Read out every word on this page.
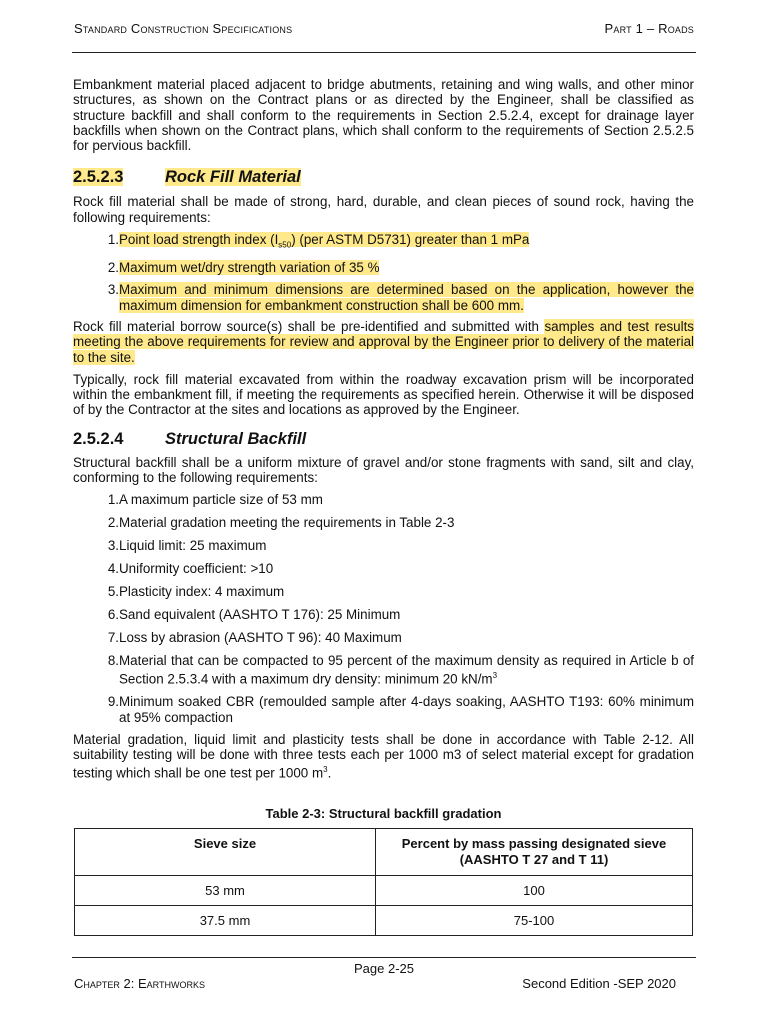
Standard Construction Specifications	Part 1 – Roads

Embankment material placed adjacent to bridge abutments, retaining and wing walls, and other minor structures, as shown on the Contract plans or as directed by the Engineer, shall be classified as structure backfill and shall conform to the requirements in Section 2.5.2.4, except for drainage layer backfills when shown on the Contract plans, which shall conform to the requirements of Section 2.5.2.5 for pervious backfill.

2.5.2.3	Rock Fill Material

Rock fill material shall be made of strong, hard, durable, and clean pieces of sound rock, having the following requirements:

1. Point load strength index $(I_{s50})$ (per ASTM D5731) greater than 1 mPa
2. Maximum wet/dry strength variation of 35 %
3. Maximum and minimum dimensions are determined based on the application, however the maximum dimension for embankment construction shall be 600 mm.

Rock fill material borrow source(s) shall be pre-identified and submitted with samples and test results meeting the above requirements for review and approval by the Engineer prior to delivery of the material to the site.

Typically, rock fill material excavated from within the roadway excavation prism will be incorporated within the embankment fill, if meeting the requirements as specified herein. Otherwise it will be disposed of by the Contractor at the sites and locations as approved by the Engineer.

2.5.2.4	Structural Backfill

Structural backfill shall be a uniform mixture of gravel and/or stone fragments with sand, silt and clay, conforming to the following requirements:

1. A maximum particle size of 53 mm
2. Material gradation meeting the requirements in Table 2-3
3. Liquid limit: 25 maximum
4. Uniformity coefficient: >10
5. Plasticity index: 4 maximum
6. Sand equivalent (AASHTO T 176): 25 Minimum
7. Loss by abrasion (AASHTO T 96): 40 Maximum
8. Material that can be compacted to 95 percent of the maximum density as required in Article b of Section 2.5.3.4 with a maximum dry density: minimum 20 $kN/m^3$
9. Minimum soaked CBR (remoulded sample after 4-days soaking, AASHTO T193: 60% minimum at 95% compaction

Material gradation, liquid limit and plasticity tests shall be done in accordance with Table 2-12. All suitability testing will be done with three tests each per 1000 m3 of select material except for gradation testing which shall be one test per 1000 $m^3$.

Table 2-3: Structural backfill gradation
Sieve size	Percent by mass passing designated sieve
(AASHTO T 27 and T 11)

53 mm	100
37.5 mm	75-100
Page 2-25
Chapter 2: Earthworks	Second Edition -SEP 2020
